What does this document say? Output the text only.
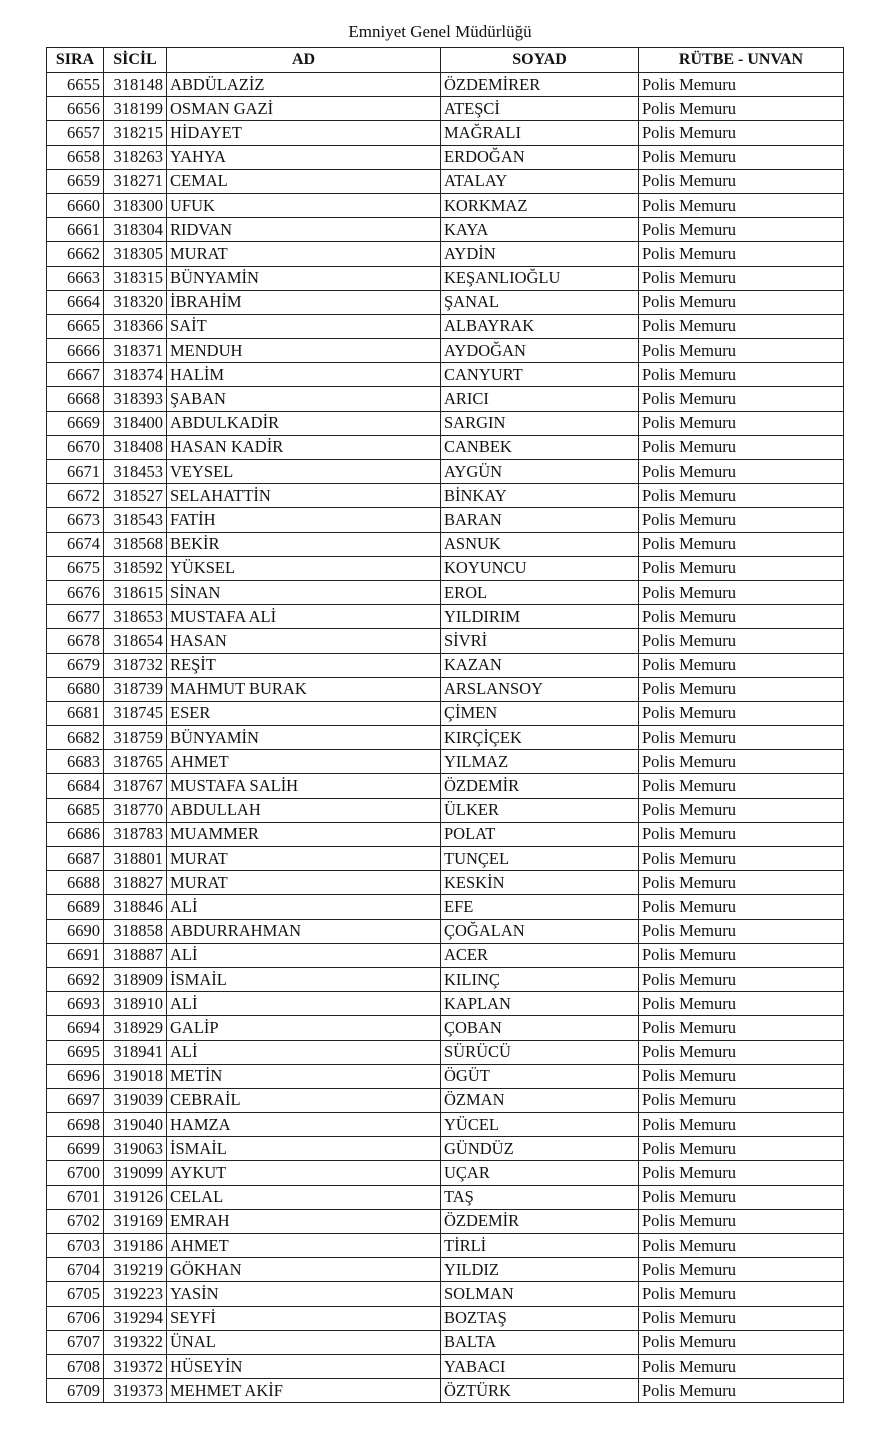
Emniyet Genel Müdürlüğü
SIRA	SİCİL	AD	SOYAD	RÜTBE - UNVAN
6655	318148	ABDÜLAZİZ	ÖZDEMİRER	Polis Memuru
6656	318199	OSMAN GAZİ	ATEŞCİ	Polis Memuru
6657	318215	HİDAYET	MAĞRALI	Polis Memuru
6658	318263	YAHYA	ERDOĞAN	Polis Memuru
6659	318271	CEMAL	ATALAY	Polis Memuru
6660	318300	UFUK	KORKMAZ	Polis Memuru
6661	318304	RIDVAN	KAYA	Polis Memuru
6662	318305	MURAT	AYDİN	Polis Memuru
6663	318315	BÜNYAMİN	KEŞANLIOĞLU	Polis Memuru
6664	318320	İBRAHİM	ŞANAL	Polis Memuru
6665	318366	SAİT	ALBAYRAK	Polis Memuru
6666	318371	MENDUH	AYDOĞAN	Polis Memuru
6667	318374	HALİM	CANYURT	Polis Memuru
6668	318393	ŞABAN	ARICI	Polis Memuru
6669	318400	ABDULKADİR	SARGIN	Polis Memuru
6670	318408	HASAN KADİR	CANBEK	Polis Memuru
6671	318453	VEYSEL	AYGÜN	Polis Memuru
6672	318527	SELAHATTİN	BİNKAY	Polis Memuru
6673	318543	FATİH	BARAN	Polis Memuru
6674	318568	BEKİR	ASNUK	Polis Memuru
6675	318592	YÜKSEL	KOYUNCU	Polis Memuru
6676	318615	SİNAN	EROL	Polis Memuru
6677	318653	MUSTAFA ALİ	YILDIRIM	Polis Memuru
6678	318654	HASAN	SİVRİ	Polis Memuru
6679	318732	REŞİT	KAZAN	Polis Memuru
6680	318739	MAHMUT BURAK	ARSLANSOY	Polis Memuru
6681	318745	ESER	ÇİMEN	Polis Memuru
6682	318759	BÜNYAMİN	KIRÇİÇEK	Polis Memuru
6683	318765	AHMET	YILMAZ	Polis Memuru
6684	318767	MUSTAFA SALİH	ÖZDEMİR	Polis Memuru
6685	318770	ABDULLAH	ÜLKER	Polis Memuru
6686	318783	MUAMMER	POLAT	Polis Memuru
6687	318801	MURAT	TUNÇEL	Polis Memuru
6688	318827	MURAT	KESKİN	Polis Memuru
6689	318846	ALİ	EFE	Polis Memuru
6690	318858	ABDURRAHMAN	ÇOĞALAN	Polis Memuru
6691	318887	ALİ	ACER	Polis Memuru
6692	318909	İSMAİL	KILINÇ	Polis Memuru
6693	318910	ALİ	KAPLAN	Polis Memuru
6694	318929	GALİP	ÇOBAN	Polis Memuru
6695	318941	ALİ	SÜRÜCÜ	Polis Memuru
6696	319018	METİN	ÖGÜT	Polis Memuru
6697	319039	CEBRAİL	ÖZMAN	Polis Memuru
6698	319040	HAMZA	YÜCEL	Polis Memuru
6699	319063	İSMAİL	GÜNDÜZ	Polis Memuru
6700	319099	AYKUT	UÇAR	Polis Memuru
6701	319126	CELAL	TAŞ	Polis Memuru
6702	319169	EMRAH	ÖZDEMİR	Polis Memuru
6703	319186	AHMET	TİRLİ	Polis Memuru
6704	319219	GÖKHAN	YILDIZ	Polis Memuru
6705	319223	YASİN	SOLMAN	Polis Memuru
6706	319294	SEYFİ	BOZTAŞ	Polis Memuru
6707	319322	ÜNAL	BALTA	Polis Memuru
6708	319372	HÜSEYİN	YABACI	Polis Memuru
6709	319373	MEHMET AKİF	ÖZTÜRK	Polis Memuru
